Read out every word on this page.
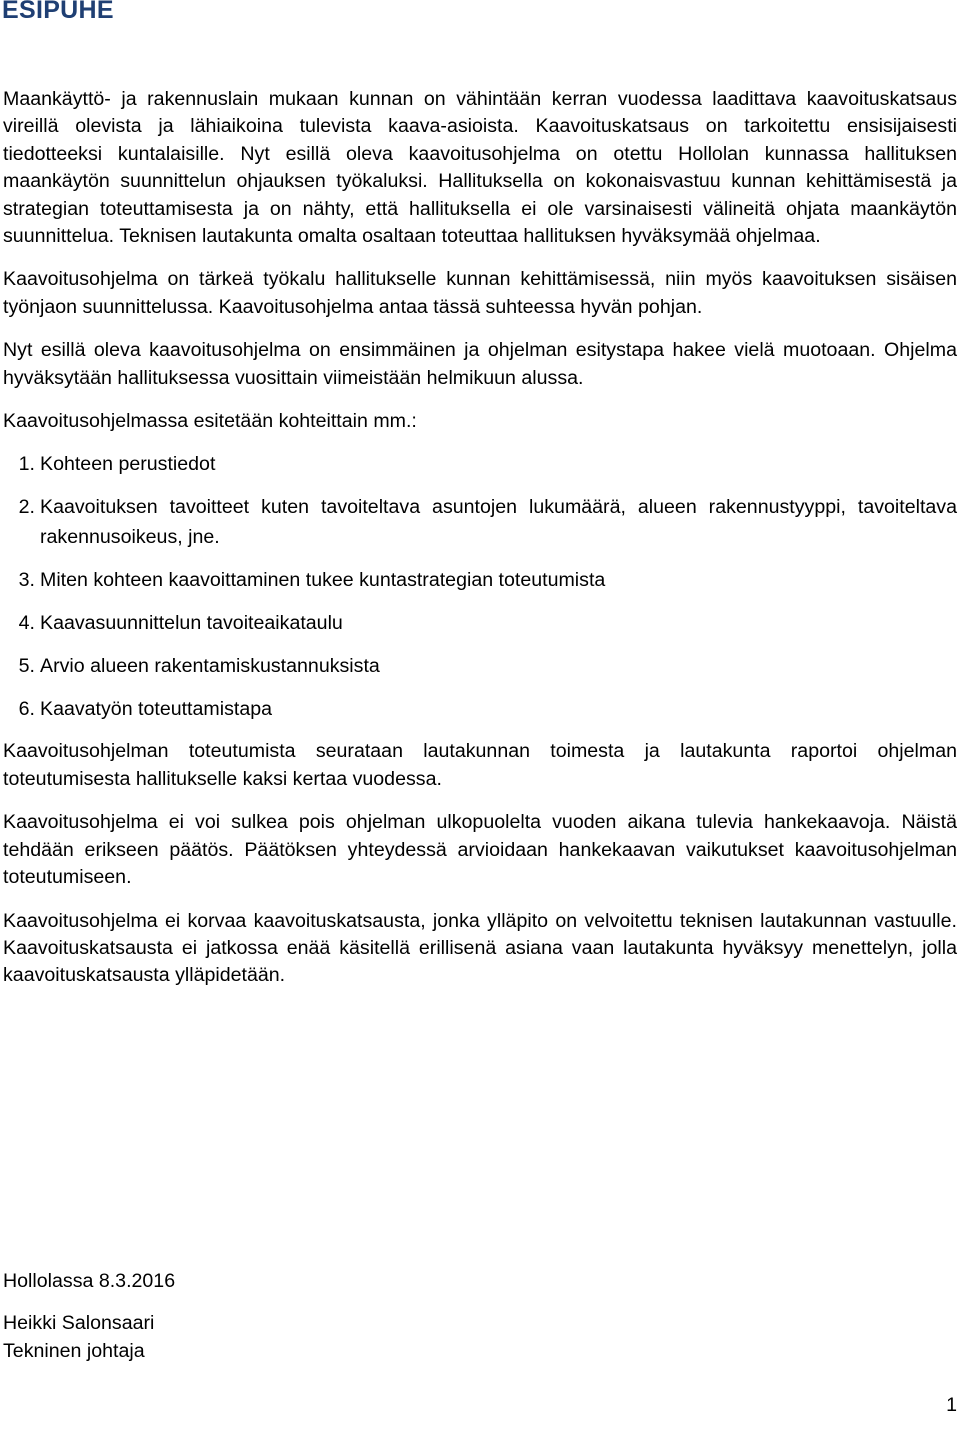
ESIPUHE

Maankäyttö- ja rakennuslain mukaan kunnan on vähintään kerran vuodessa laadittava kaavoituskatsaus vireillä olevista ja lähiaikoina tulevista kaava-asioista. Kaavoituskatsaus on tarkoitettu ensisijaisesti tiedotteeksi kuntalaisille. Nyt esillä oleva kaavoitusohjelma on otettu Hollolan kunnassa hallituksen maankäytön suunnittelun ohjauksen työkaluksi. Hallituksella on kokonaisvastuu kunnan kehittämisestä ja strategian toteuttamisesta ja on nähty, että hallituksella ei ole varsinaisesti välineitä ohjata maankäytön suunnittelua. Teknisen lautakunta omalta osaltaan toteuttaa hallituksen hyväksymää ohjelmaa.

Kaavoitusohjelma on tärkeä työkalu hallitukselle kunnan kehittämisessä, niin myös kaavoituksen sisäisen työnjaon suunnittelussa. Kaavoitusohjelma antaa tässä suhteessa hyvän pohjan.

Nyt esillä oleva kaavoitusohjelma on ensimmäinen ja ohjelman esitystapa hakee vielä muotoaan. Ohjelma hyväksytään hallituksessa vuosittain viimeistään helmikuun alussa.

Kaavoitusohjelmassa esitetään kohteittain mm.:

1. Kohteen perustiedot
2. Kaavoituksen tavoitteet kuten tavoiteltava asuntojen lukumäärä, alueen rakennustyyppi, tavoiteltava rakennusoikeus, jne.
3. Miten kohteen kaavoittaminen tukee kuntastrategian toteutumista
4. Kaavasuunnittelun tavoiteaikataulu
5. Arvio alueen rakentamiskustannuksista
6. Kaavatyön toteuttamistapa

Kaavoitusohjelman toteutumista seurataan lautakunnan toimesta ja lautakunta raportoi ohjelman toteutumisesta hallitukselle kaksi kertaa vuodessa.

Kaavoitusohjelma ei voi sulkea pois ohjelman ulkopuolelta vuoden aikana tulevia hankekaavoja. Näistä tehdään erikseen päätös. Päätöksen yhteydessä arvioidaan hankekaavan vaikutukset kaavoitusohjelman toteutumiseen.

Kaavoitusohjelma ei korvaa kaavoituskatsausta, jonka ylläpito on velvoitettu teknisen lautakunnan vastuulle. Kaavoituskatsausta ei jatkossa enää käsitellä erillisenä asiana vaan lautakunta hyväksyy menettelyn, jolla kaavoituskatsausta ylläpidetään.

Hollolassa 8.3.2016

Heikki Salonsaari

Tekninen johtaja

1
